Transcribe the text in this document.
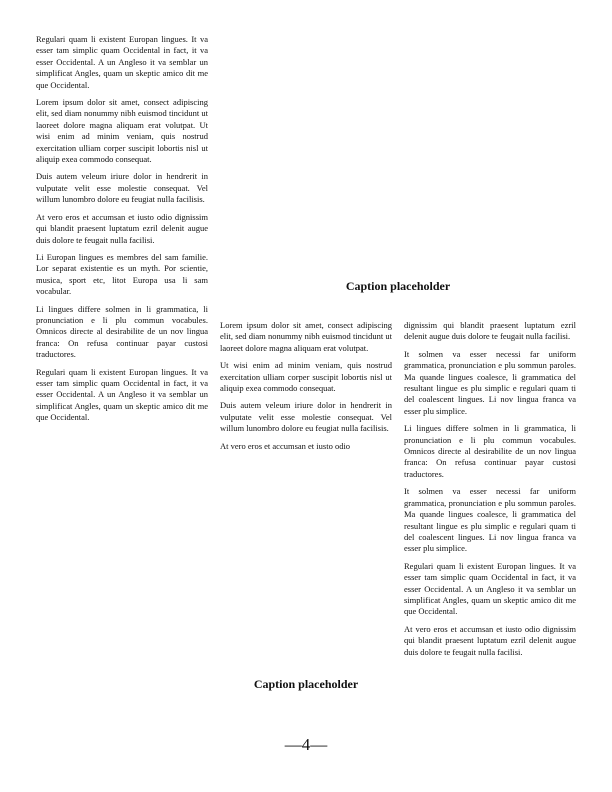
Regulari quam li existent Europan lingues. It va esser tam simplic quam Occidental in fact, it va esser Occidental. A un Angleso it va semblar un simplificat Angles, quam un skeptic amico dit me que Occidental.

Lorem ipsum dolor sit amet, consect adipiscing elit, sed diam nonummy nibh euismod tincidunt ut laoreet dolore magna aliquam erat volutpat. Ut wisi enim ad minim veniam, quis nostrud exercitation ulliam corper suscipit lobortis nisl ut aliquip exea commodo consequat.

Duis autem veleum iriure dolor in hendrerit in vulputate velit esse molestie consequat. Vel willum lunombro dolore eu feugiat nulla facilisis.

At vero eros et accumsan et iusto odio dignissim qui blandit praesent luptatum ezril delenit augue duis dolore te feugait nulla facilisi.

Li Europan lingues es membres del sam familie. Lor separat existentie es un myth. Por scientie, musica, sport etc, litot Europa usa li sam vocabular.

Li lingues differe solmen in li grammatica, li pronunciation e li plu commun vocabules. Omnicos directe al desirabilite de un nov lingua franca: On refusa continuar payar custosi traductores.

Regulari quam li existent Europan lingues. It va esser tam simplic quam Occidental in fact, it va esser Occidental. A un Angleso it va semblar un simplificat Angles, quam un skeptic amico dit me que Occidental.

Caption placeholder

Lorem ipsum dolor sit amet, consect adipiscing elit, sed diam nonummy nibh euismod tincidunt ut laoreet dolore magna aliquam erat volutpat.

Ut wisi enim ad minim veniam, quis nostrud exercitation ulliam corper suscipit lobortis nisl ut aliquip exea commodo consequat.

Duis autem veleum iriure dolor in hendrerit in vulputate velit esse molestie consequat. Vel willum lunombro dolore eu feugiat nulla facilisis.

At vero eros et accumsan et iusto odio

dignissim qui blandit praesent luptatum ezril delenit augue duis dolore te feugait nulla facilisi.

It solmen va esser necessi far uniform grammatica, pronunciation e plu sommun paroles. Ma quande lingues coalesce, li grammatica del resultant lingue es plu simplic e regulari quam ti del coalescent lingues. Li nov lingua franca va esser plu simplice.

Li lingues differe solmen in li grammatica, li pronunciation e li plu commun vocabules. Omnicos directe al desirabilite de un nov lingua franca: On refusa continuar payar custosi traductores.

It solmen va esser necessi far uniform grammatica, pronunciation e plu sommun paroles. Ma quande lingues coalesce, li grammatica del resultant lingue es plu simplic e regulari quam ti del coalescent lingues. Li nov lingua franca va esser plu simplice.

Regulari quam li existent Europan lingues. It va esser tam simplic quam Occidental in fact, it va esser Occidental. A un Angleso it va semblar un simplificat Angles, quam un skeptic amico dit me que Occidental.

At vero eros et accumsan et iusto odio dignissim qui blandit praesent luptatum ezril delenit augue duis dolore te feugait nulla facilisi.

Caption placeholder
—4—
